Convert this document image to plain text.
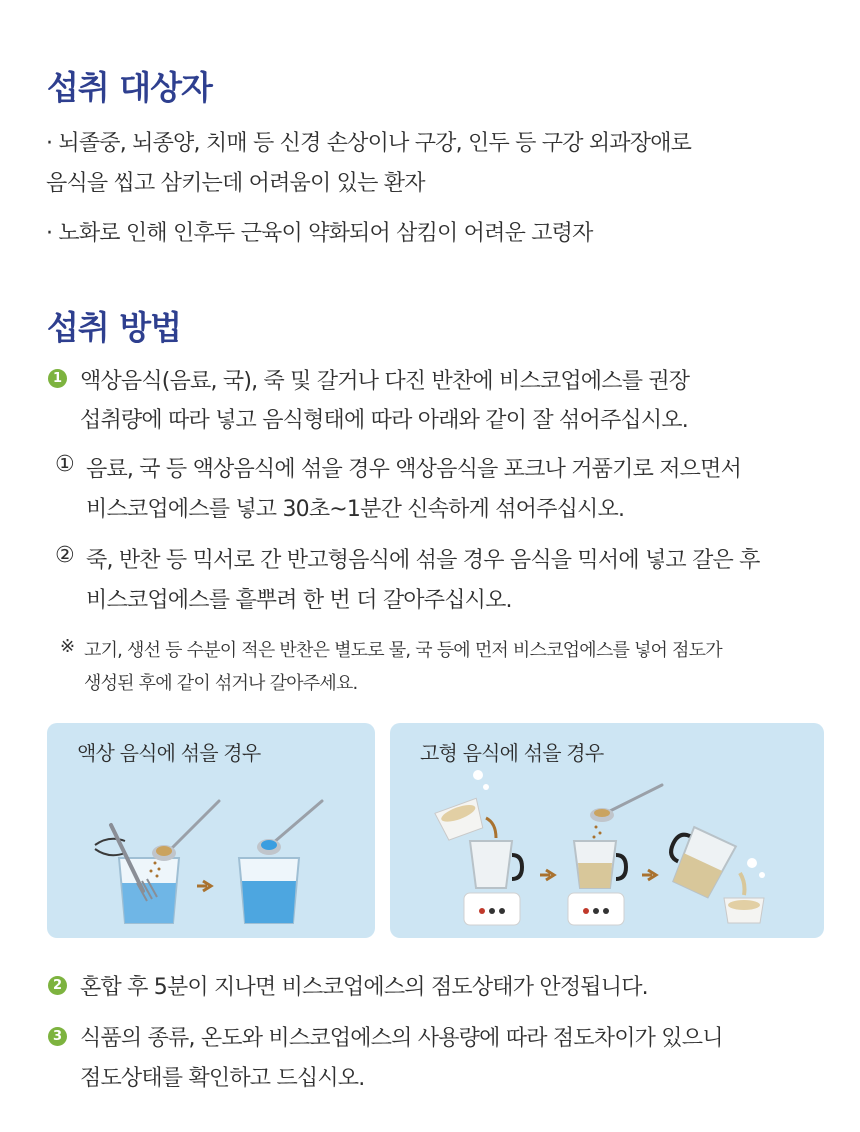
섭취 대상자
· 뇌졸중, 뇌종양, 치매 등 신경 손상이나 구강, 인두 등 구강 외과장애로
음식을 씹고 삼키는데 어려움이 있는 환자
· 노화로 인해 인후두 근육이 약화되어 삼킴이 어려운 고령자
섭취 방법
1 액상음식(음료, 국), 죽 및 갈거나 다진 반찬에 비스코업에스를 권장
섭취량에 따라 넣고 음식형태에 따라 아래와 같이 잘 섞어주십시오.
① 음료, 국 등 액상음식에 섞을 경우 액상음식을 포크나 거품기로 저으면서
비스코업에스를 넣고 30초~1분간 신속하게 섞어주십시오.
② 죽, 반찬 등 믹서로 간 반고형음식에 섞을 경우 음식을 믹서에 넣고 갈은 후
비스코업에스를 흩뿌려 한 번 더 갈아주십시오.
※ 고기, 생선 등 수분이 적은 반찬은 별도로 물, 국 등에 먼저 비스코업에스를 넣어 점도가
생성된 후에 같이 섞거나 갈아주세요.
액상 음식에 섞을 경우	고형 음식에 섞을 경우
2 혼합 후 5분이 지나면 비스코업에스의 점도상태가 안정됩니다.
3 식품의 종류, 온도와 비스코업에스의 사용량에 따라 점도차이가 있으니
점도상태를 확인하고 드십시오.
